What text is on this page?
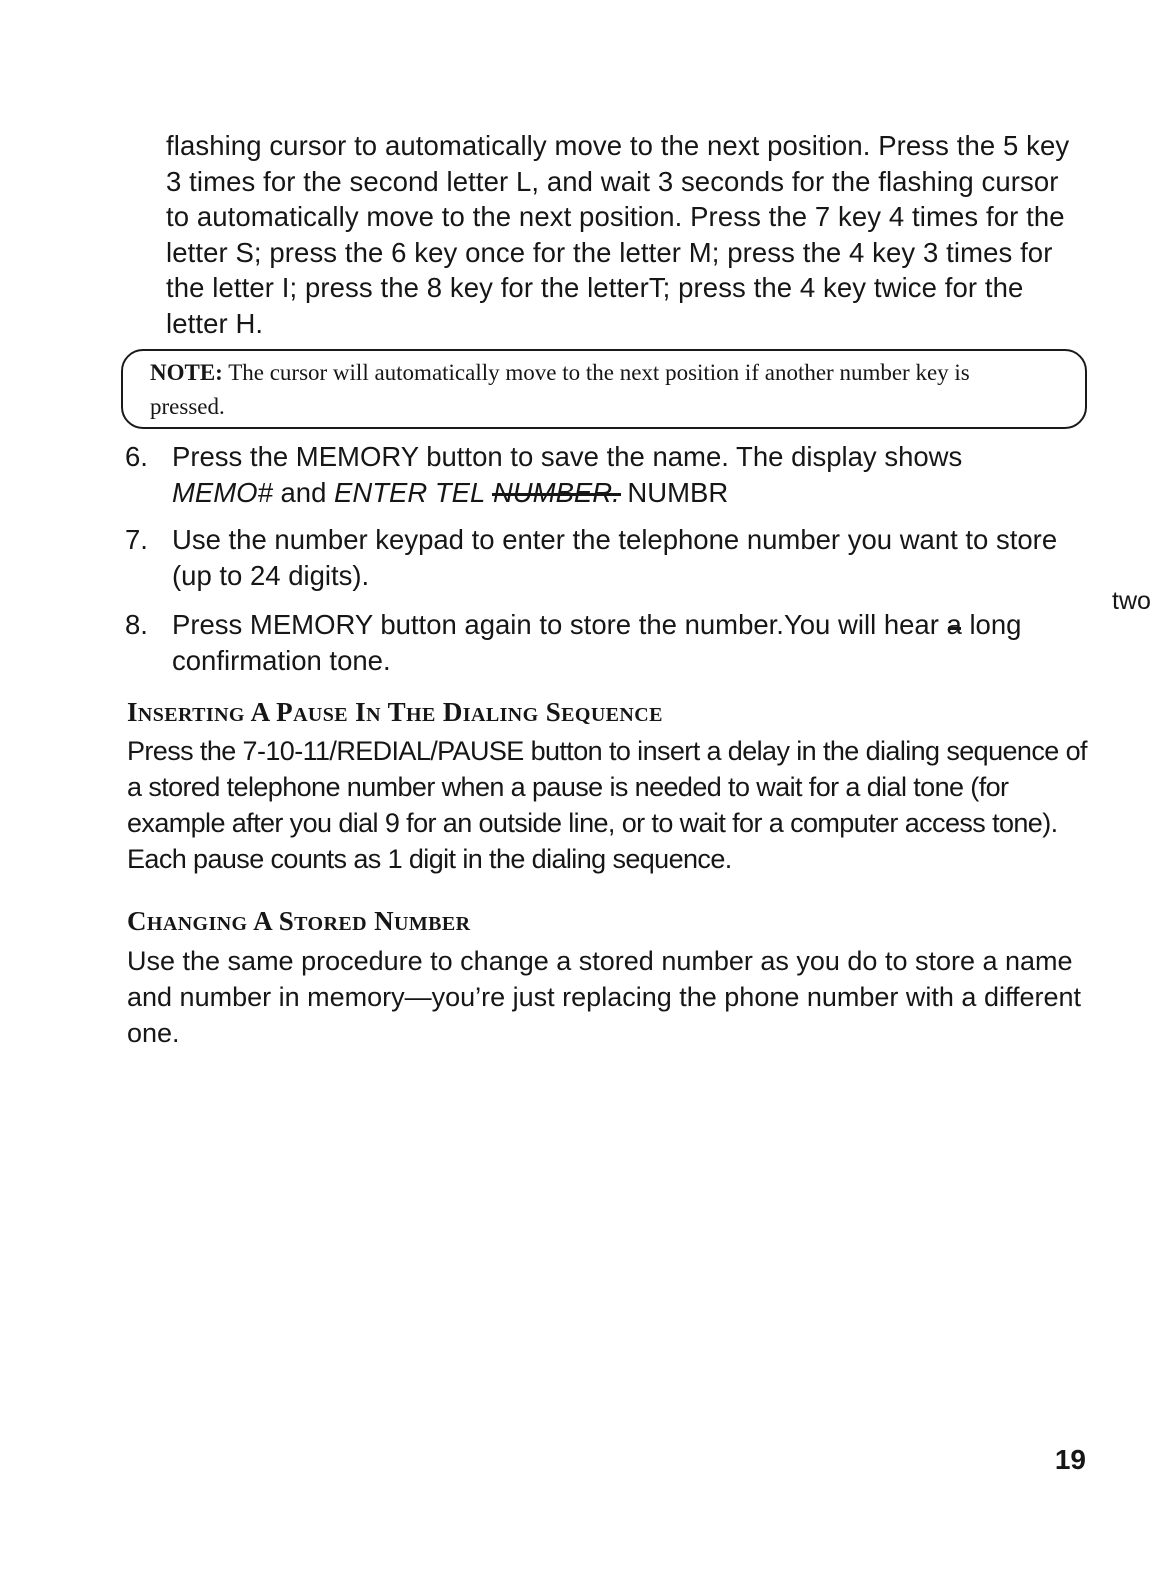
flashing cursor to automatically move to the next position. Press the 5 key 3 times for the second letter L, and wait 3 seconds for the flashing cursor to automatically move to the next position. Press the 7 key 4 times for the letter S; press the 6 key once for the letter M; press the 4 key 3 times for the letter I; press the 8 key for the letterT; press the 4 key twice for the letter H.

NOTE: The cursor will automatically move to the next position if another number key is pressed.

6. Press the MEMORY button to save the name. The display shows
MEMO# and ENTER TEL NUMBER. NUMBR
7. Use the number keypad to enter the telephone number you want to store (up to 24 digits).
8. Press MEMORY button again to store the number.You will hear a long confirmation tone.
two
INSERTING A PAUSE IN THE DIALING SEQUENCE

Press the 7-10-11/REDIAL/PAUSE button to insert a delay in the dialing sequence of a stored telephone number when a pause is needed to wait for a dial tone (for example after you dial 9 for an outside line, or to wait for a computer access tone). Each pause counts as 1 digit in the dialing sequence.

CHANGING A STORED NUMBER

Use the same procedure to change a stored number as you do to store a name and number in memory—you’re just replacing the phone number with a different one.

19
